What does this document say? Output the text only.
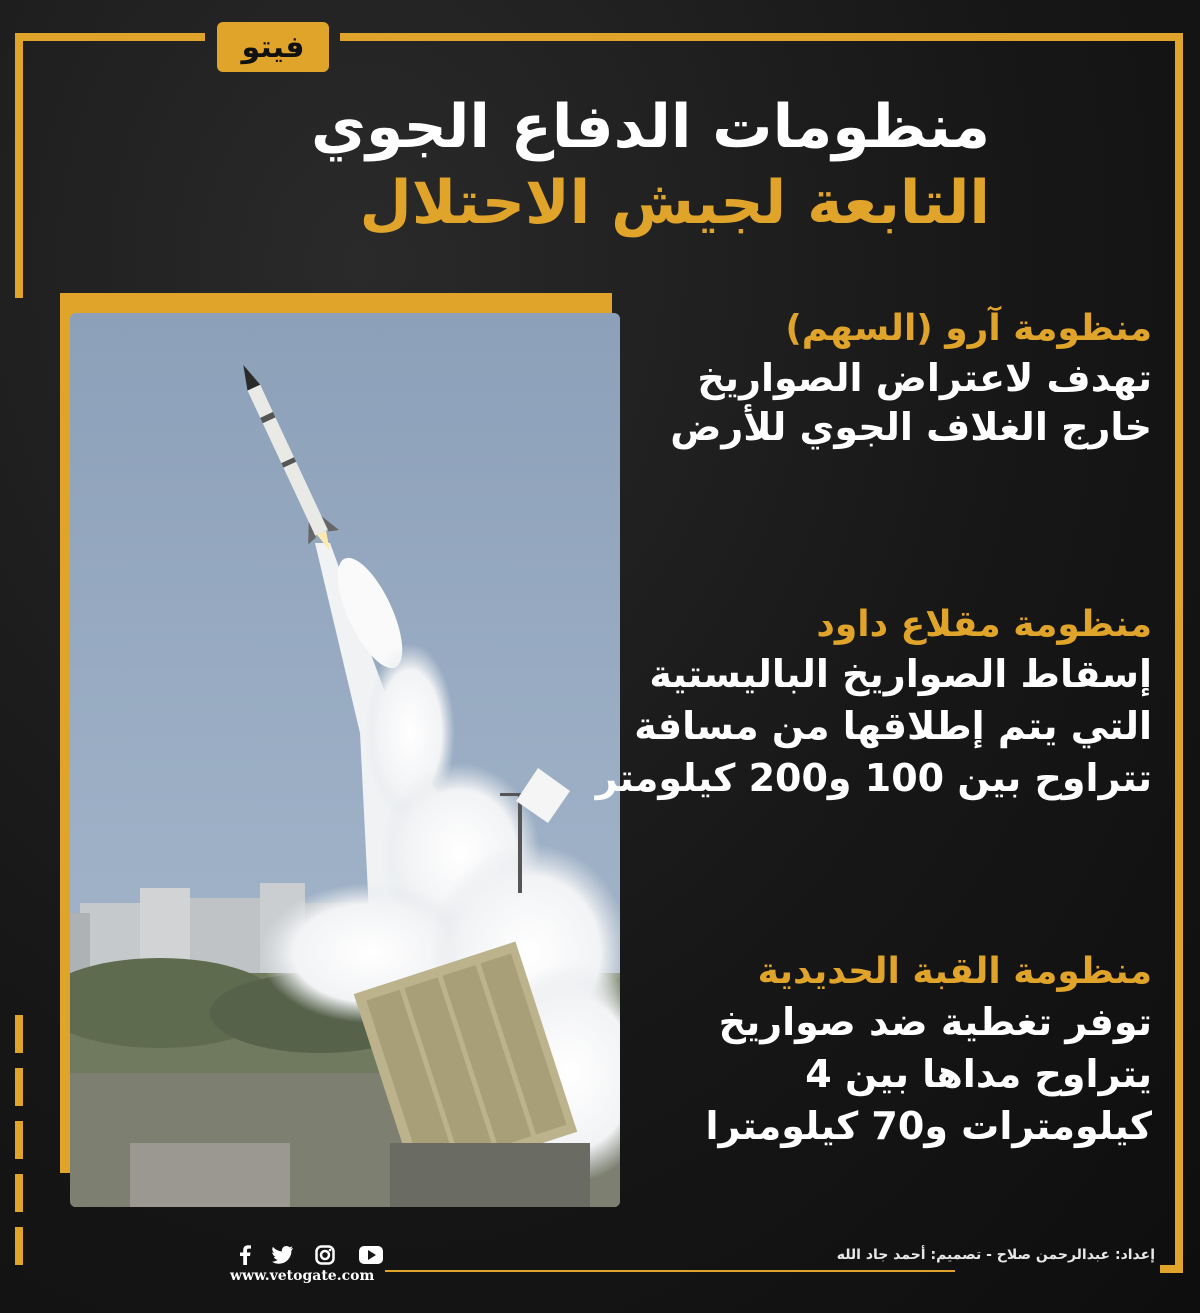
فيتو
منظومات الدفاع الجوي
التابعة لجيش الاحتلال
منظومة آرو (السهم)
تهدف لاعتراض الصواريخ
خارج الغلاف الجوي للأرض
منظومة مقلاع داود
إسقاط الصواريخ الباليستية
التي يتم إطلاقها من مسافة
تتراوح بين 100 و200 كيلومتر
منظومة القبة الحديدية
توفر تغطية ضد صواريخ
يتراوح مداها بين 4
كيلومترات و70 كيلومترا
إعداد: عبدالرحمن صلاح - تصميم: أحمد جاد الله
www.vetogate.com
